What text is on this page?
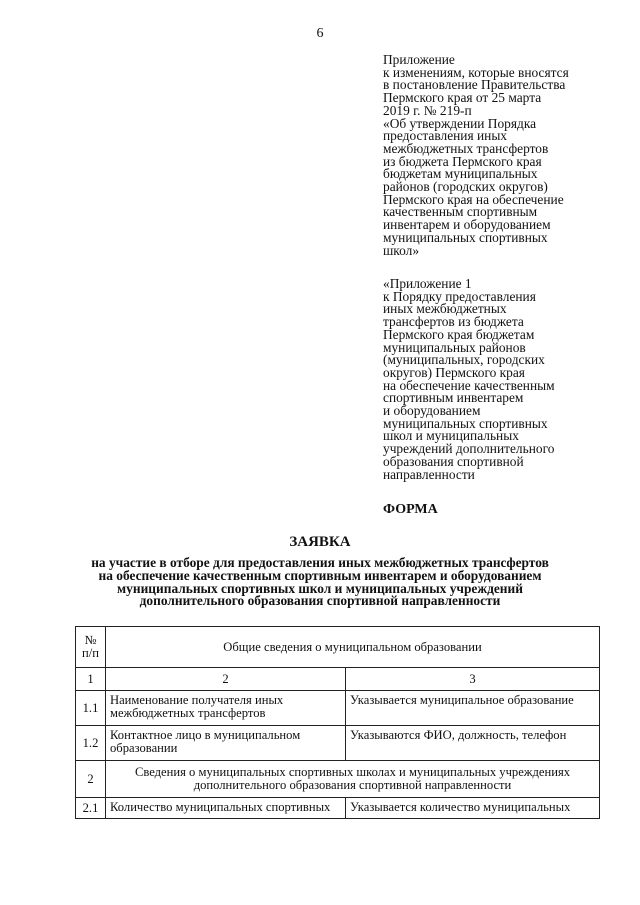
6
Приложение
к изменениям, которые вносятся
в постановление Правительства
Пермского края от 25 марта
2019 г. № 219-п
«Об утверждении Порядка
предоставления иных
межбюджетных трансфертов
из бюджета Пермского края
бюджетам муниципальных
районов (городских округов)
Пермского края на обеспечение
качественным спортивным
инвентарем и оборудованием
муниципальных спортивных
школ»
«Приложение 1
к Порядку предоставления
иных межбюджетных
трансфертов из бюджета
Пермского края бюджетам
муниципальных районов
(муниципальных, городских
округов) Пермского края
на обеспечение качественным
спортивным инвентарем
и оборудованием
муниципальных спортивных
школ и муниципальных
учреждений дополнительного
образования спортивной
направленности
ФОРМА
ЗАЯВКА
на участие в отборе для предоставления иных межбюджетных трансфертов
на обеспечение качественным спортивным инвентарем и оборудованием
муниципальных спортивных школ и муниципальных учреждений
дополнительного образования спортивной направленности
№ п/п	Общие сведения о муниципальном образовании	
1	2	3
1.1	Наименование получателя иных межбюджетных трансфертов	Указывается муниципальное образование
1.2	Контактное лицо в муниципальном образовании	Указываются ФИО, должность, телефон
2	Сведения о муниципальных спортивных школах и муниципальных учреждениях дополнительного образования спортивной направленности	
2.1	Количество муниципальных спортивных	Указывается количество муниципальных
